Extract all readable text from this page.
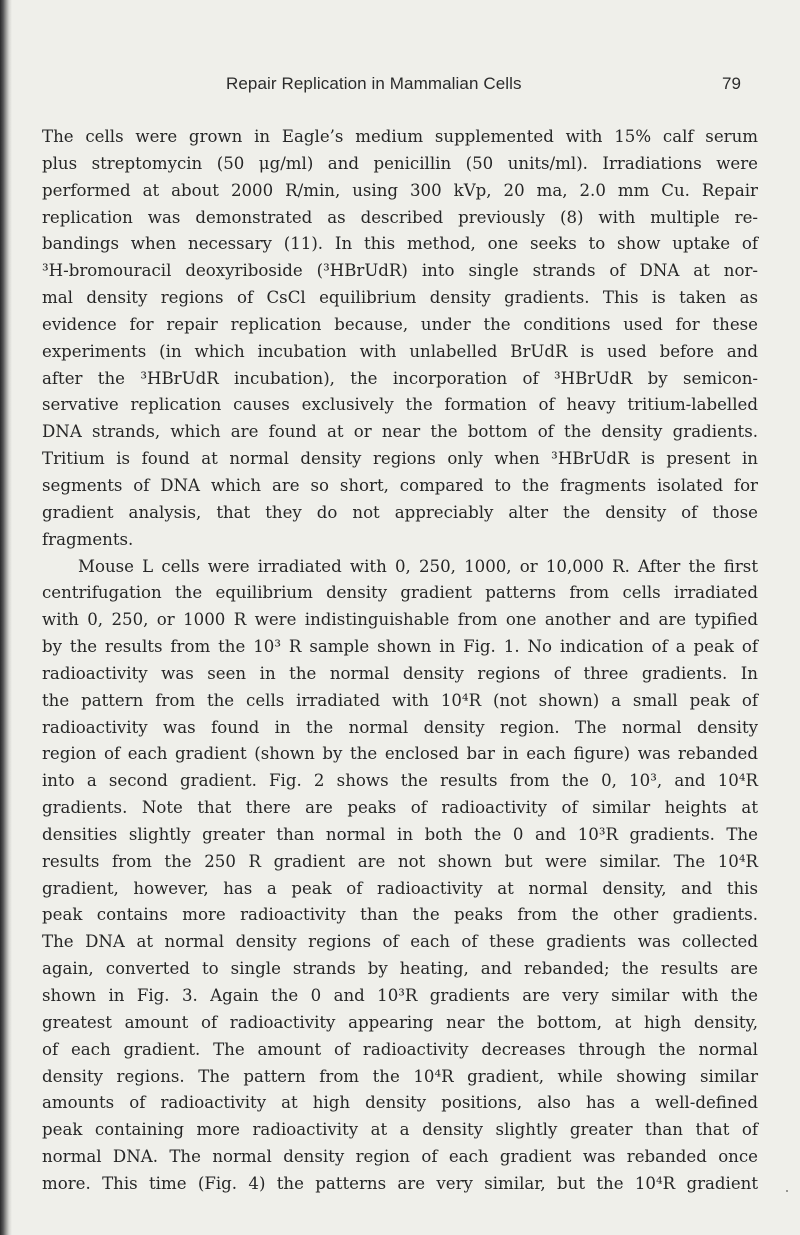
Repair Replication in Mammalian Cells	79
The cells were grown in Eagle’s medium supplemented with 15% calf serum
plus streptomycin (50 μg/ml) and penicillin (50 units/ml). Irradiations were
performed at about 2000 R/min, using 300 kVp, 20 ma, 2.0 mm Cu. Repair
replication was demonstrated as described previously (8) with multiple re-
bandings when necessary (11). In this method, one seeks to show uptake of
³H-bromouracil deoxyriboside (³HBrUdR) into single strands of DNA at nor-
mal density regions of CsCl equilibrium density gradients. This is taken as
evidence for repair replication because, under the conditions used for these
experiments (in which incubation with unlabelled BrUdR is used before and
after the ³HBrUdR incubation), the incorporation of ³HBrUdR by semicon-
servative replication causes exclusively the formation of heavy tritium-labelled
DNA strands, which are found at or near the bottom of the density gradients.
Tritium is found at normal density regions only when ³HBrUdR is present in
segments of DNA which are so short, compared to the fragments isolated for
gradient analysis, that they do not appreciably alter the density of those
fragments.
Mouse L cells were irradiated with 0, 250, 1000, or 10,000 R. After the first
centrifugation the equilibrium density gradient patterns from cells irradiated
with 0, 250, or 1000 R were indistinguishable from one another and are typified
by the results from the 10³ R sample shown in Fig. 1. No indication of a peak of
radioactivity was seen in the normal density regions of three gradients. In
the pattern from the cells irradiated with 10⁴R (not shown) a small peak of
radioactivity was found in the normal density region. The normal density
region of each gradient (shown by the enclosed bar in each figure) was rebanded
into a second gradient. Fig. 2 shows the results from the 0, 10³, and 10⁴R
gradients. Note that there are peaks of radioactivity of similar heights at
densities slightly greater than normal in both the 0 and 10³R gradients. The
results from the 250 R gradient are not shown but were similar. The 10⁴R
gradient, however, has a peak of radioactivity at normal density, and this
peak contains more radioactivity than the peaks from the other gradients.
The DNA at normal density regions of each of these gradients was collected
again, converted to single strands by heating, and rebanded; the results are
shown in Fig. 3. Again the 0 and 10³R gradients are very similar with the
greatest amount of radioactivity appearing near the bottom, at high density,
of each gradient. The amount of radioactivity decreases through the normal
density regions. The pattern from the 10⁴R gradient, while showing similar
amounts of radioactivity at high density positions, also has a well-defined
peak containing more radioactivity at a density slightly greater than that of
normal DNA. The normal density region of each gradient was rebanded once
more. This time (Fig. 4) the patterns are very similar, but the 10⁴R gradient
